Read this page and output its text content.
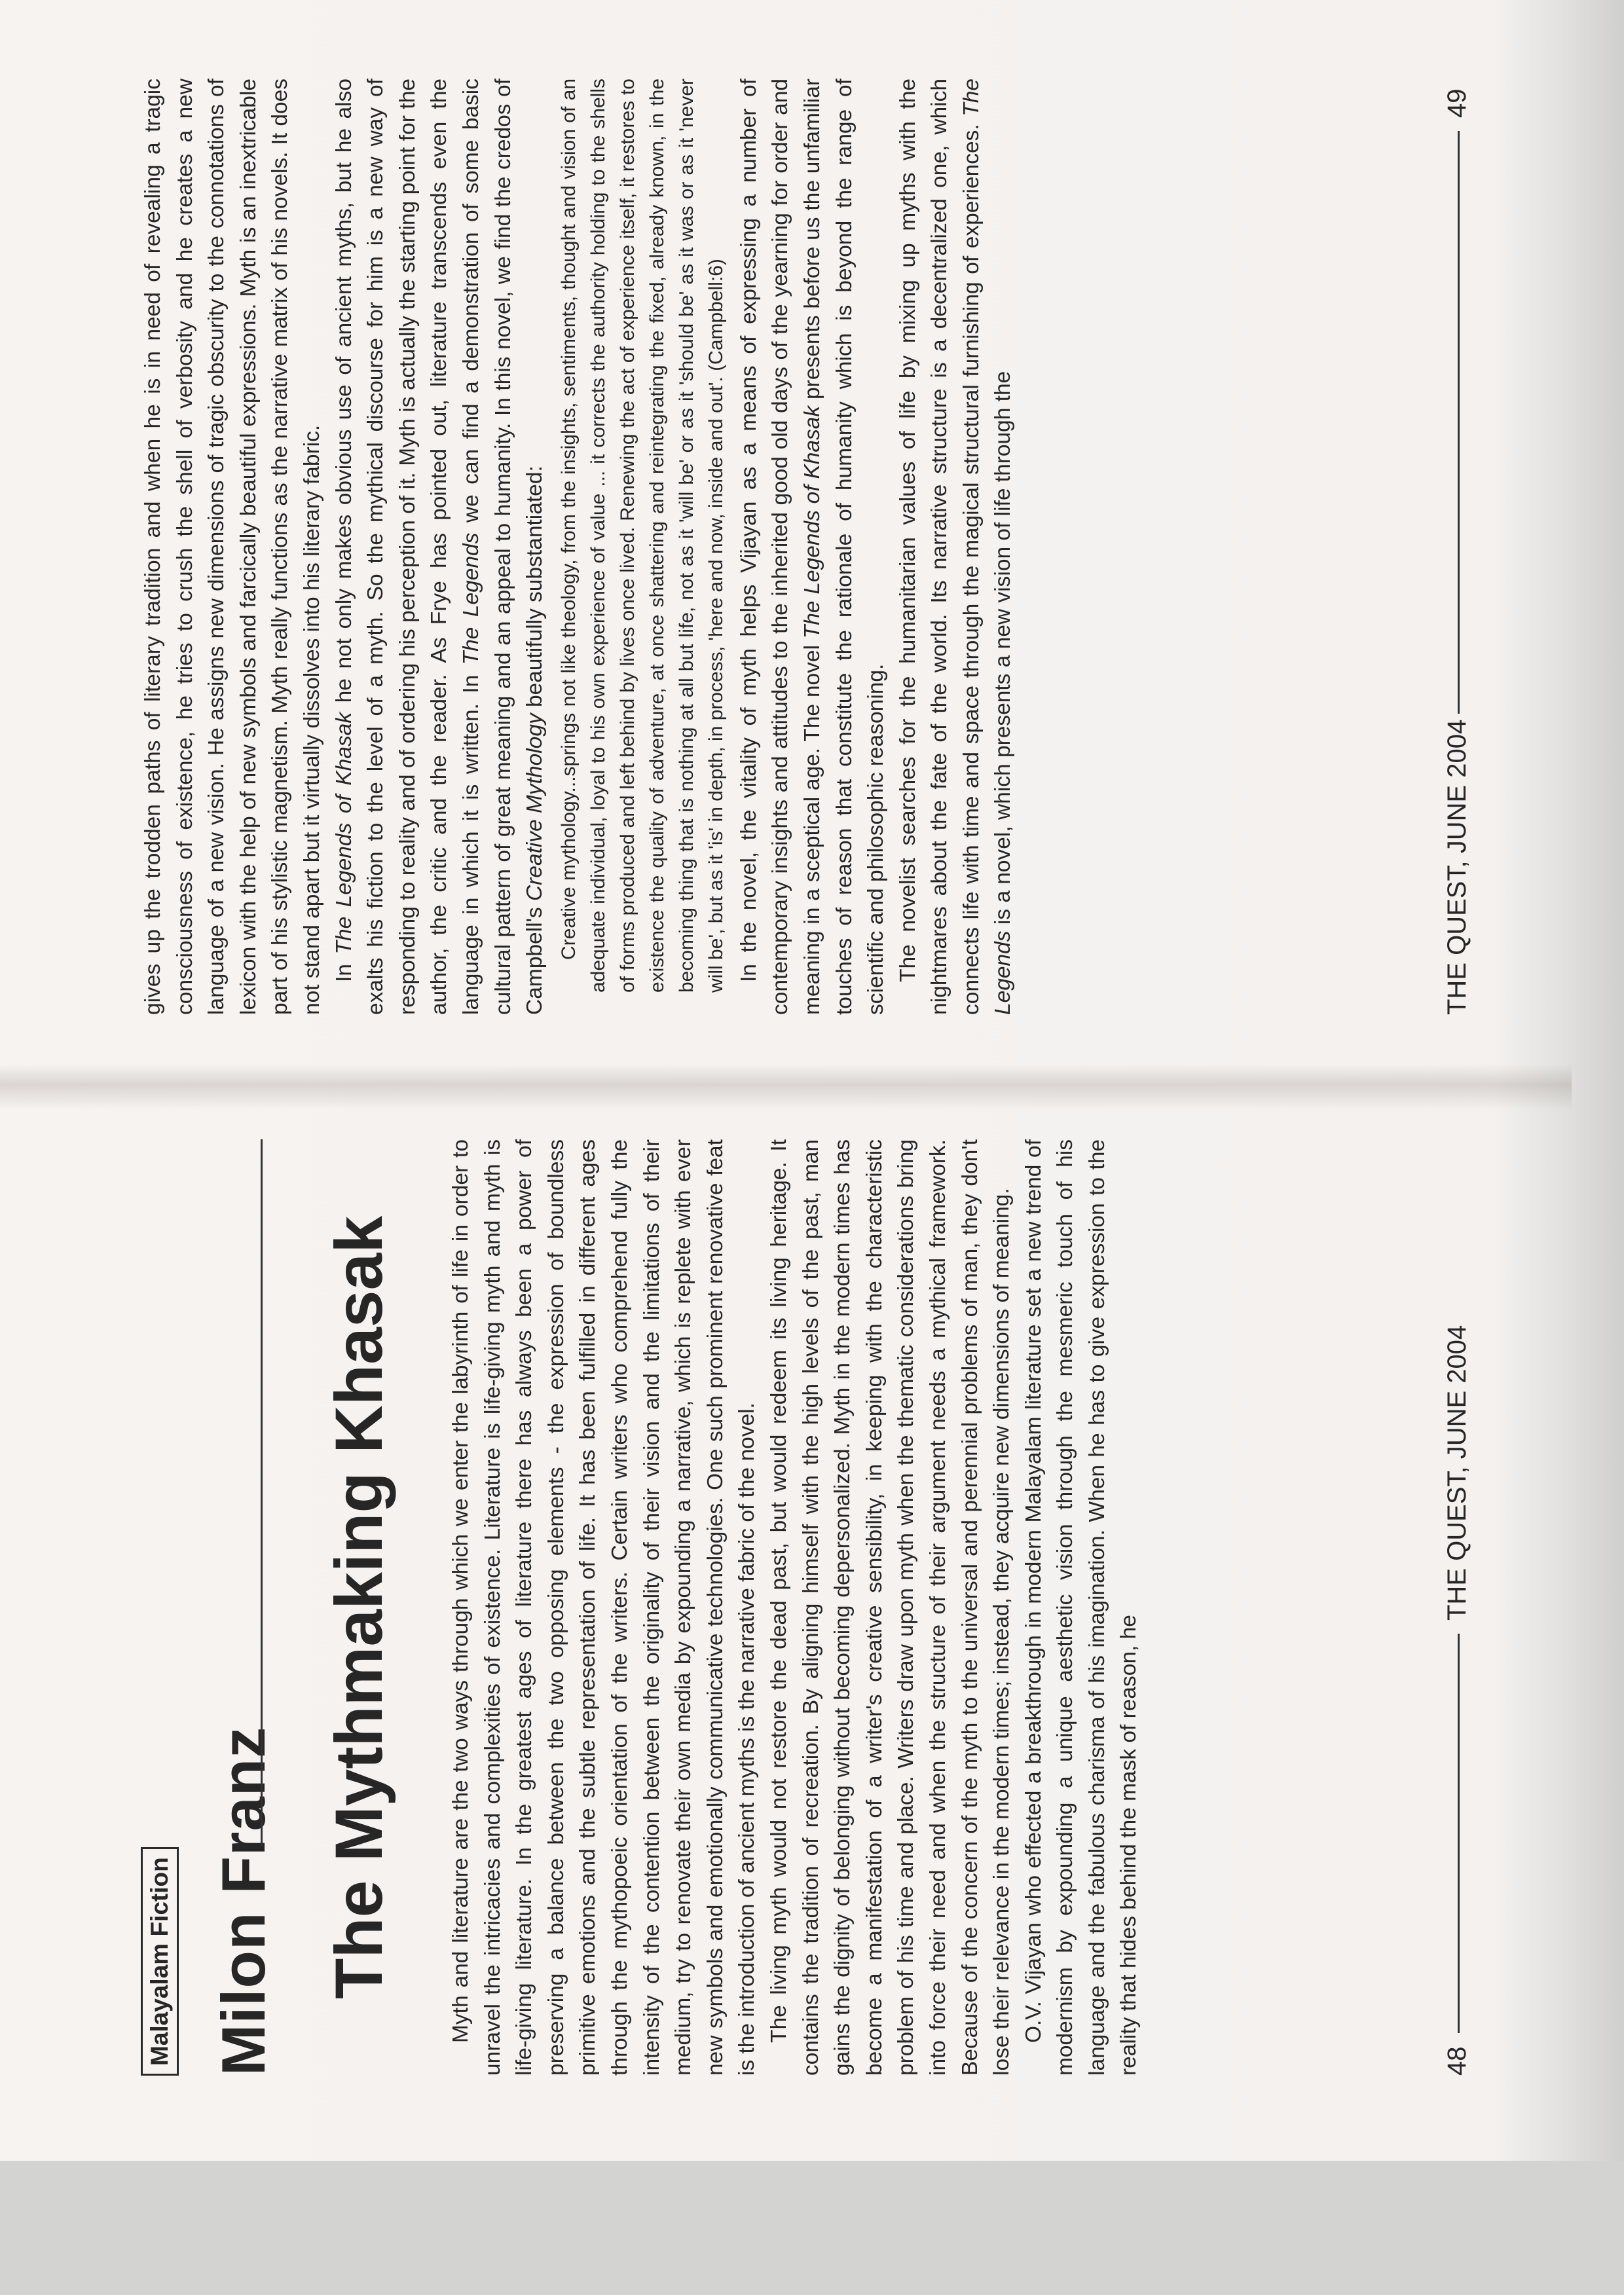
Malayalam Fiction Milon Franz The Mythmaking Khasak Myth and literature are the two ways through which we enter the labyrinth of life in order to unravel the intricacies and complexities of existence. Literature is life-giving myth and myth is life-giving literature. In the greatest ages of literature there has always been a power of preserving a balance between the two opposing elements - the expression of boundless primitive emotions and the subtle representation of life. It has been fulfilled in different ages through the mythopoeic orientation of the writers. Certain writers who comprehend fully the intensity of the contention between the originality of their vision and the limitations of their medium, try to renovate their own media by expounding a narrative, which is replete with ever new symbols and emotionally communicative technologies. One such prominent renovative feat is the introduction of ancient myths is the narrative fabric of the novel. The living myth would not restore the dead past, but would redeem its living heritage. It contains the tradition of recreation. By aligning himself with the high levels of the past, man gains the dignity of belonging without becoming depersonalized. Myth in the modern times has become a manifestation of a writer's creative sensibility, in keeping with the characteristic problem of his time and place. Writers draw upon myth when the thematic considerations bring into force their need and when the structure of their argument needs a mythical framework. Because of the concern of the myth to the universal and perennial problems of man, they don't lose their relevance in the modern times; instead, they acquire new dimensions of meaning. O.V. Vijayan who effected a breakthrough in modern Malayalam literature set a new trend of modernism by expounding a unique aesthetic vision through the mesmeric touch of his language and the fabulous charisma of his imagination. When he has to give expression to the reality that hides behind the mask of reason, he	48
THE QUEST, JUNE 2004

gives up the trodden paths of literary tradition and when he is in need of revealing a tragic consciousness of existence, he tries to crush the shell of verbosity and he creates a new language of a new vision. He assigns new dimensions of tragic obscurity to the connotations of lexicon with the help of new symbols and farcically beautiful expressions. Myth is an inextricable part of his stylistic magnetism. Myth really functions as the narrative matrix of his novels. It does not stand apart but it virtually dissolves into his literary fabric. In The Legends of Khasak he not only makes obvious use of ancient myths, but he also exalts his fiction to the level of a myth. So the mythical discourse for him is a new way of responding to reality and of ordering his perception of it. Myth is actually the starting point for the author, the critic and the reader. As Frye has pointed out, literature transcends even the language in which it is written. In The Legends we can find a demonstration of some basic cultural pattern of great meaning and an appeal to humanity. In this novel, we find the credos of Campbell's Creative Mythology beautifully substantiated: Creative mythology...springs not like theology, from the insights, sentiments, thought and vision of an adequate individual, loyal to his own experience of value ... it corrects the authority holding to the shells of forms produced and left behind by lives once lived. Renewing the act of experience itself, it restores to existence the quality of adventure, at once shattering and reintegrating the fixed, already known, in the becoming thing that is nothing at all but life, not as it 'will be' or as it 'should be' as it was or as it 'never will be', but as it 'is' in depth, in process, 'here and now, inside and out'. (Campbell:6) In the novel, the vitality of myth helps Vijayan as a means of expressing a number of contemporary insights and attitudes to the inherited good old days of the yearning for order and meaning in a sceptical age. The novel The Legends of Khasak presents before us the unfamiliar touches of reason that constitute the rationale of humanity which is beyond the range of scientific and philosophic reasoning. The novelist searches for the humanitarian values of life by mixing up myths with the nightmares about the fate of the world. Its narrative structure is a decentralized one, which connects life with time and space through the magical structural furnishing of experiences. The Legends is a novel, which presents a new vision of life through the	THE QUEST, JUNE 2004
49
